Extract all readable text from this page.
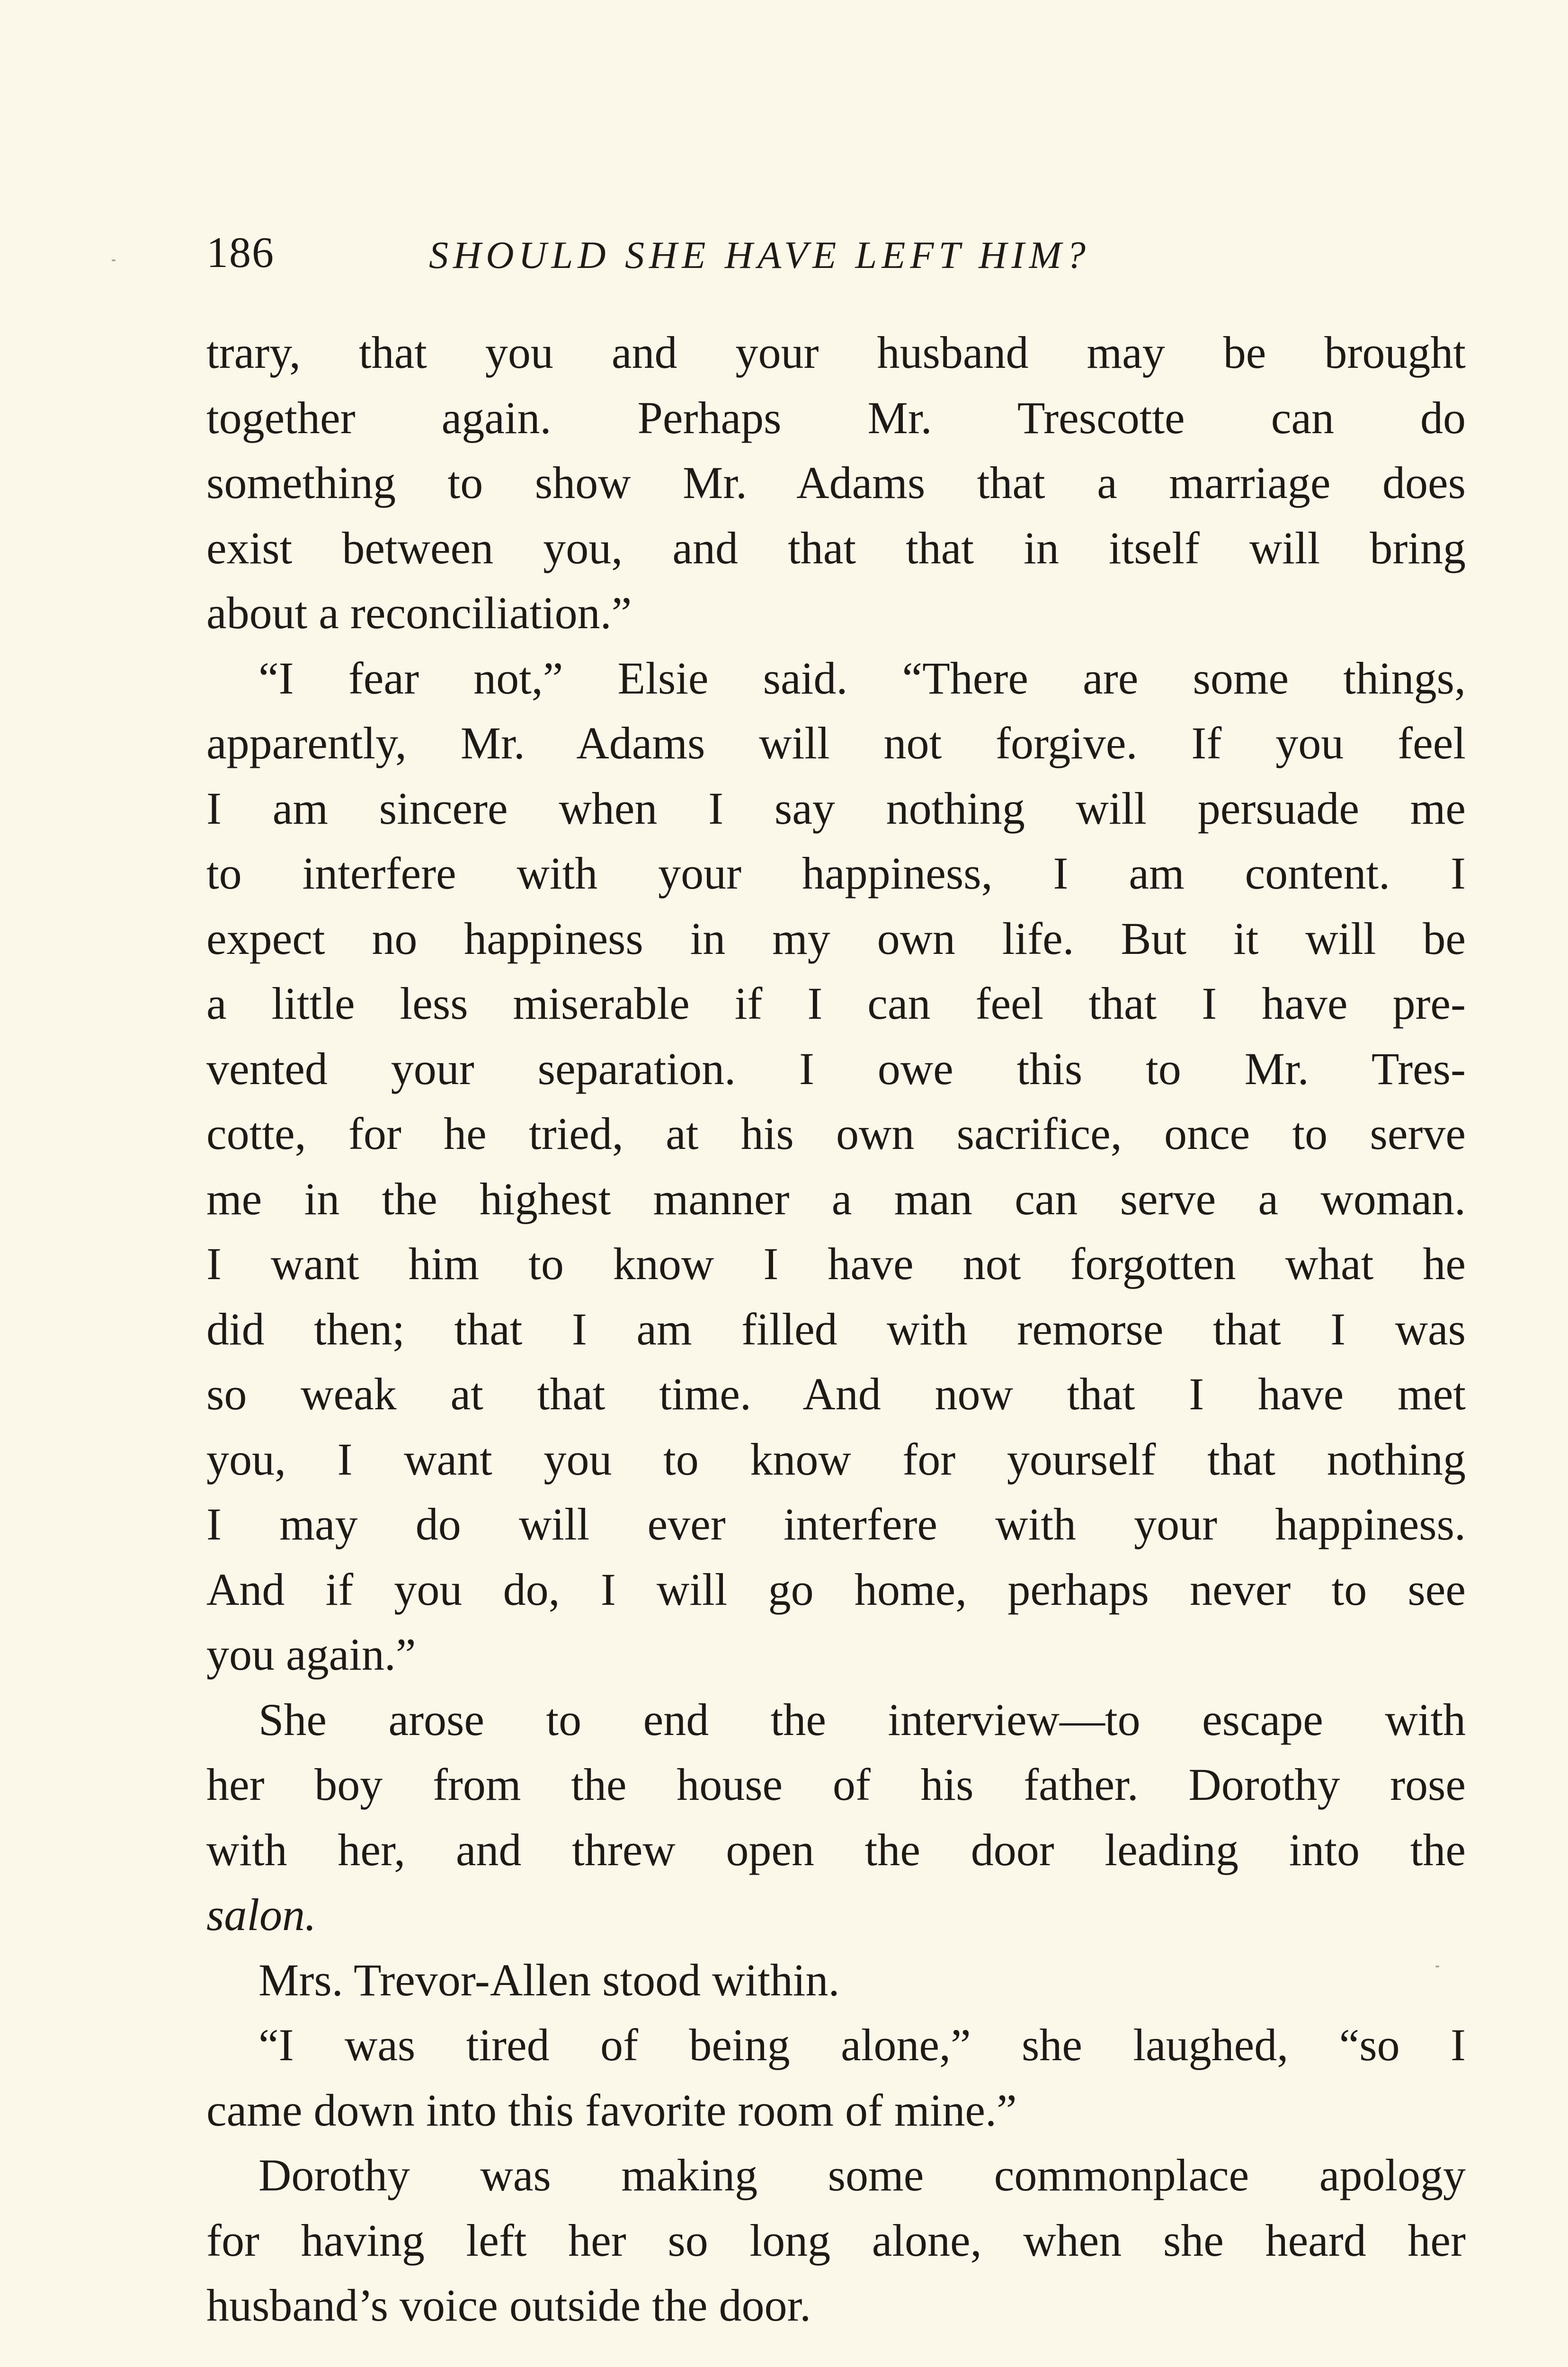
186	SHOULD SHE HAVE LEFT HIM?
trary, that you and your husband may be brought
together again. Perhaps Mr. Trescotte can do
something to show Mr. Adams that a marriage does
exist between you, and that that in itself will bring
about a reconciliation.”
“I fear not,” Elsie said. “There are some things,
apparently, Mr. Adams will not forgive. If you feel
I am sincere when I say nothing will persuade me
to interfere with your happiness, I am content. I
expect no happiness in my own life. But it will be
a little less miserable if I can feel that I have pre-
vented your separation. I owe this to Mr. Tres-
cotte, for he tried, at his own sacrifice, once to serve
me in the highest manner a man can serve a woman.
I want him to know I have not forgotten what he
did then; that I am filled with remorse that I was
so weak at that time. And now that I have met
you, I want you to know for yourself that nothing
I may do will ever interfere with your happiness.
And if you do, I will go home, perhaps never to see
you again.”
She arose to end the interview—to escape with
her boy from the house of his father. Dorothy rose
with her, and threw open the door leading into the
salon.
Mrs. Trevor-Allen stood within.
“I was tired of being alone,” she laughed, “so I
came down into this favorite room of mine.”
Dorothy was making some commonplace apology
for having left her so long alone, when she heard her
husband’s voice outside the door.
